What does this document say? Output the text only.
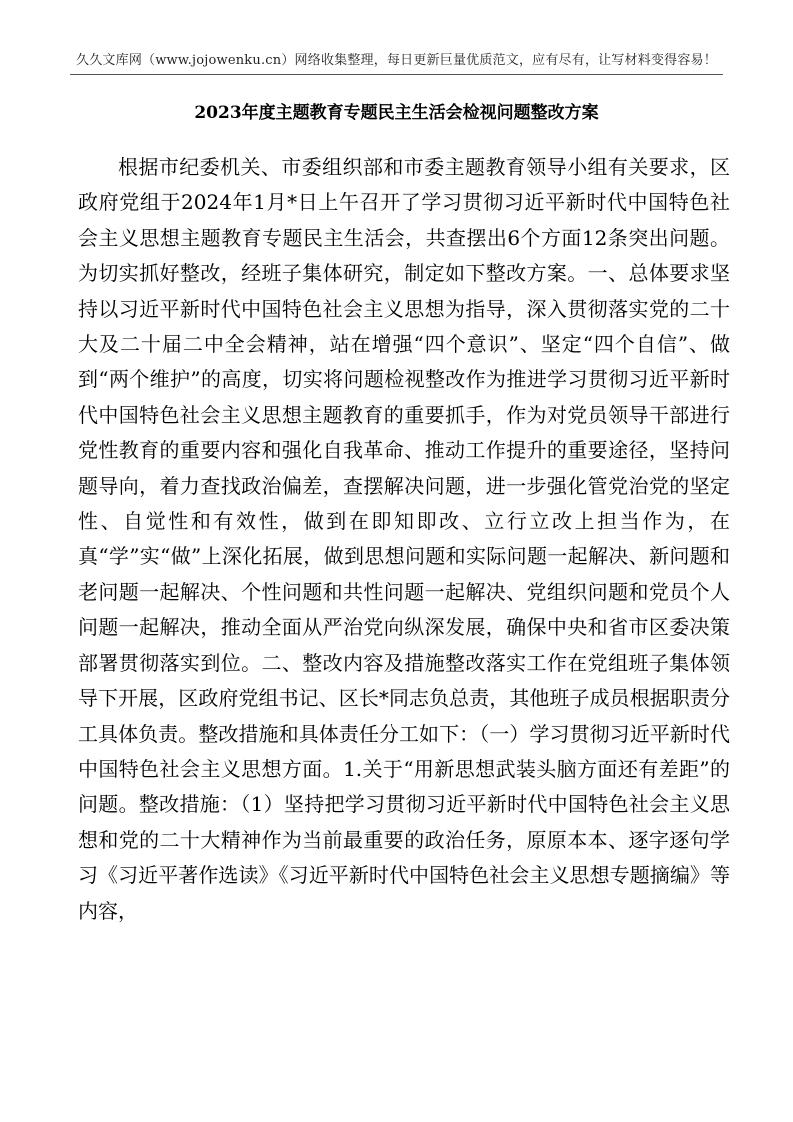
久久文库网（www.jojowenku.cn）网络收集整理，每日更新巨量优质范文，应有尽有，让写材料变得容易！
2023年度主题教育专题民主生活会检视问题整改方案
根据市纪委机关、市委组织部和市委主题教育领导小组有关要求，区政府党组于2024年1月*日上午召开了学习贯彻习近平新时代中国特色社会主义思想主题教育专题民主生活会，共查摆出6个方面12条突出问题。为切实抓好整改，经班子集体研究，制定如下整改方案。一、总体要求坚持以习近平新时代中国特色社会主义思想为指导，深入贯彻落实党的二十大及二十届二中全会精神，站在增强“四个意识”、坚定“四个自信”、做到“两个维护”的高度，切实将问题检视整改作为推进学习贯彻习近平新时代中国特色社会主义思想主题教育的重要抓手，作为对党员领导干部进行党性教育的重要内容和强化自我革命、推动工作提升的重要途径，坚持问题导向，着力查找政治偏差，查摆解决问题，进一步强化管党治党的坚定性、自觉性和有效性，做到在即知即改、立行立改上担当作为，在真“学”实“做”上深化拓展，做到思想问题和实际问题一起解决、新问题和老问题一起解决、个性问题和共性问题一起解决、党组织问题和党员个人问题一起解决，推动全面从严治党向纵深发展，确保中央和省市区委决策部署贯彻落实到位。二、整改内容及措施整改落实工作在党组班子集体领导下开展，区政府党组书记、区长*同志负总责，其他班子成员根据职责分工具体负责。整改措施和具体责任分工如下：（一）学习贯彻习近平新时代中国特色社会主义思想方面。1.关于“用新思想武装头脑方面还有差距”的问题。整改措施：（1）坚持把学习贯彻习近平新时代中国特色社会主义思想和党的二十大精神作为当前最重要的政治任务，原原本本、逐字逐句学习《习近平著作选读》《习近平新时代中国特色社会主义思想专题摘编》等内容，
